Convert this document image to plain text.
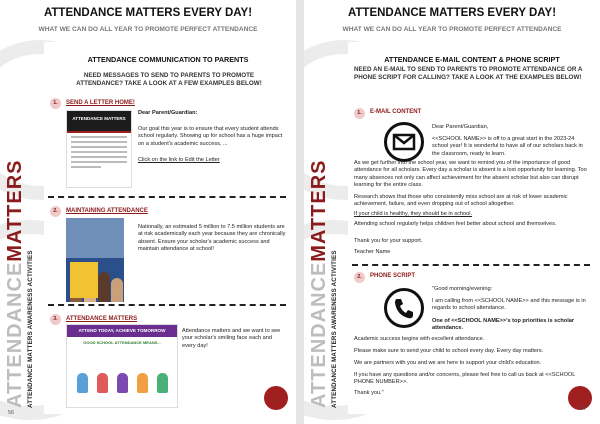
ATTENDANCE MATTERS EVERY DAY!
WHAT WE CAN DO ALL YEAR TO PROMOTE PERFECT ATTENDANCE
ATTENDANCEMATTERS
ATTENDANCE MATTERS AWARENESS ACTIVITIES
ATTENDANCE COMMUNICATION TO PARENTS
NEED MESSAGES TO SEND TO PARENTS TO PROMOTE ATTENDANCE? TAKE A LOOK AT A FEW EXAMPLES BELOW!
1.	SEND A LETTER HOME!
ATTENDANCE MATTERS
Dear Parent/Guardian:
Our goal this year is to ensure that every student attends school regularly. Showing up for school has a huge impact on a student's academic success, ...
Click on the link to Edit the Letter
2.	MAINTAINING ATTENDANCE
Nationally, an estimated 5 million to 7.5 million students are at risk academically each year because they are chronically absent. Ensure your scholar's academic success and maintain attendance at school!
3.	ATTENDANCE MATTERS
ATTEND TODAY, ACHIEVE TOMORROW
GOOD SCHOOL ATTENDANCE MEANS...
Attendance matters and we want to see your scholar's smiling face each and every day!
56
ATTENDANCE MATTERS EVERY DAY!
WHAT WE CAN DO ALL YEAR TO PROMOTE PERFECT ATTENDANCE
ATTENDANCEMATTERS
ATTENDANCE MATTERS AWARENESS ACTIVITIES
ATTENDANCE E-MAIL CONTENT & PHONE SCRIPT
NEED AN E-MAIL TO SEND TO PARENTS TO PROMOTE ATTENDANCE OR A PHONE SCRIPT FOR CALLING? TAKE A LOOK AT THE EXAMPLES BELOW!
1.	E-MAIL CONTENT
Dear Parent/Guardian,
<<SCHOOL NAME>> is off to a great start in the 2023-24 school year! It is wonderful to have all of our scholars back in the classroom, ready to learn.
As we get further into the school year, we want to remind you of the importance of good attendance for all scholars. Every day a scholar is absent is a lost opportunity for learning. Too many absences not only can affect achievement for the absent scholar but also can disrupt learning for the entire class.
Research shows that those who consistently miss school are at risk of lower academic achievement, failure, and even dropping out of school altogether.
If your child is healthy, they should be in school.
Attending school regularly helps children feel better about school and themselves.
Thank you for your support.
Teacher Name
2.	PHONE SCRIPT
"Good morning/evening:
I am calling from <<SCHOOL NAME>> and this message is in regards to school attendance.
One of <<SCHOOL NAME>>'s top priorities is scholar attendance.
Academic success begins with excellent attendance.
Please make sure to send your child to school every day. Every day matters.
We are partners with you and we are here to support your child's education.
If you have any questions and/or concerns, please feel free to call us back at <<SCHOOL PHONE NUMBER>>.
Thank you."
57
